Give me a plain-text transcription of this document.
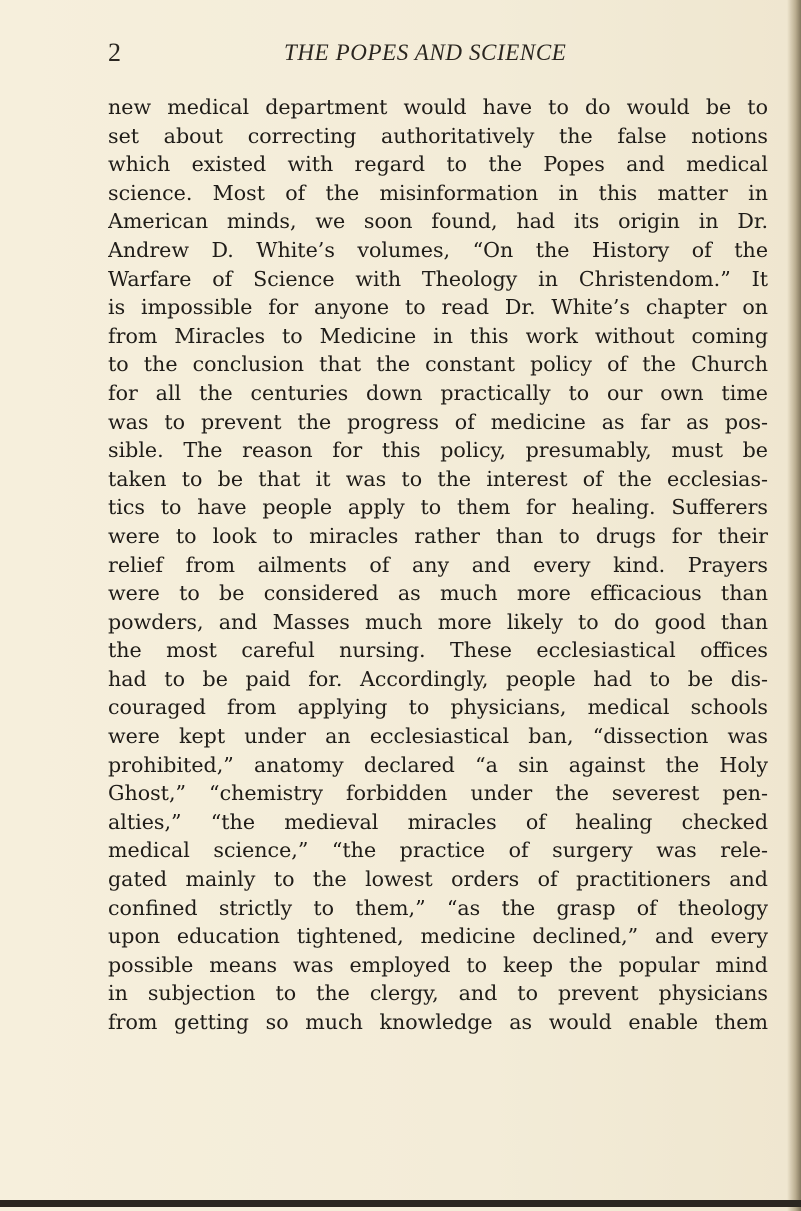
2	THE POPES AND SCIENCE
new medical department would have to do would be to
set about correcting authoritatively the false notions
which existed with regard to the Popes and medical
science. Most of the misinformation in this matter in
American minds, we soon found, had its origin in Dr.
Andrew D. White’s volumes, “On the History of the
Warfare of Science with Theology in Christendom.” It
is impossible for anyone to read Dr. White’s chapter on
from Miracles to Medicine in this work without coming
to the conclusion that the constant policy of the Church
for all the centuries down practically to our own time
was to prevent the progress of medicine as far as pos-
sible. The reason for this policy, presumably, must be
taken to be that it was to the interest of the ecclesias-
tics to have people apply to them for healing. Sufferers
were to look to miracles rather than to drugs for their
relief from ailments of any and every kind. Prayers
were to be considered as much more efficacious than
powders, and Masses much more likely to do good than
the most careful nursing. These ecclesiastical offices
had to be paid for. Accordingly, people had to be dis-
couraged from applying to physicians, medical schools
were kept under an ecclesiastical ban, “dissection was
prohibited,” anatomy declared “a sin against the Holy
Ghost,” “chemistry forbidden under the severest pen-
alties,” “the medieval miracles of healing checked
medical science,” “the practice of surgery was rele-
gated mainly to the lowest orders of practitioners and
confined strictly to them,” “as the grasp of theology
upon education tightened, medicine declined,” and every
possible means was employed to keep the popular mind
in subjection to the clergy, and to prevent physicians
from getting so much knowledge as would enable them
